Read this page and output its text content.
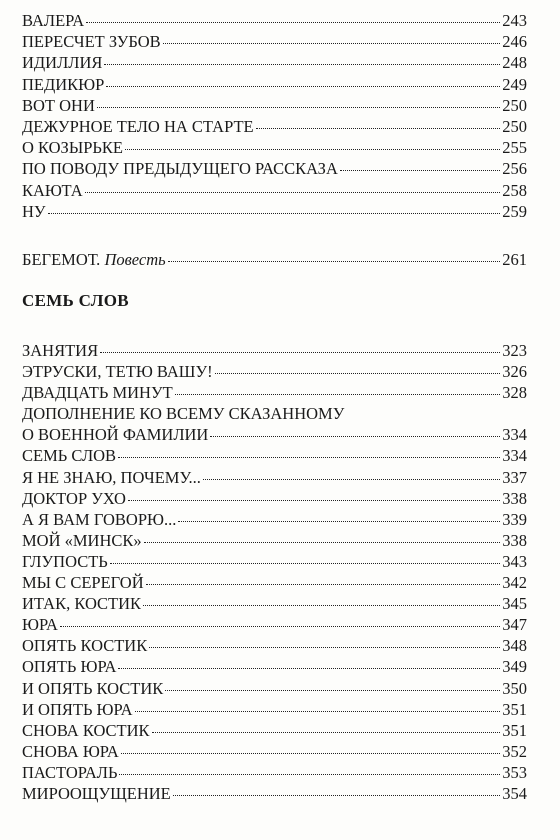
ВАЛЕРА	243
ПЕРЕСЧЕТ ЗУБОВ	246
ИДИЛЛИЯ	248
ПЕДИКЮР	249
ВОТ ОНИ	250
ДЕЖУРНОЕ ТЕЛО НА СТАРТЕ	250
О КОЗЫРЬКЕ	255
ПО ПОВОДУ ПРЕДЫДУЩЕГО РАССКАЗА	256
КАЮТА	258
НУ	259
БЕГЕМОТ. Повесть	261
СЕМЬ СЛОВ
ЗАНЯТИЯ	323
ЭТРУСКИ, ТЕТЮ ВАШУ!	326
ДВАДЦАТЬ МИНУТ	328
ДОПОЛНЕНИЕ КО ВСЕМУ СКАЗАННОМУ
О ВОЕННОЙ ФАМИЛИИ	334
СЕМЬ СЛОВ	334
Я НЕ ЗНАЮ, ПОЧЕМУ...	337
ДОКТОР УХО	338
А Я ВАМ ГОВОРЮ...	339
МОЙ «МИНСК»	338
ГЛУПОСТЬ	343
МЫ С СЕРЕГОЙ	342
ИТАК, КОСТИК	345
ЮРА	347
ОПЯТЬ КОСТИК	348
ОПЯТЬ ЮРА	349
И ОПЯТЬ КОСТИК	350
И ОПЯТЬ ЮРА	351
СНОВА КОСТИК	351
СНОВА ЮРА	352
ПАСТОРАЛЬ	353
МИРООЩУЩЕНИЕ	354
